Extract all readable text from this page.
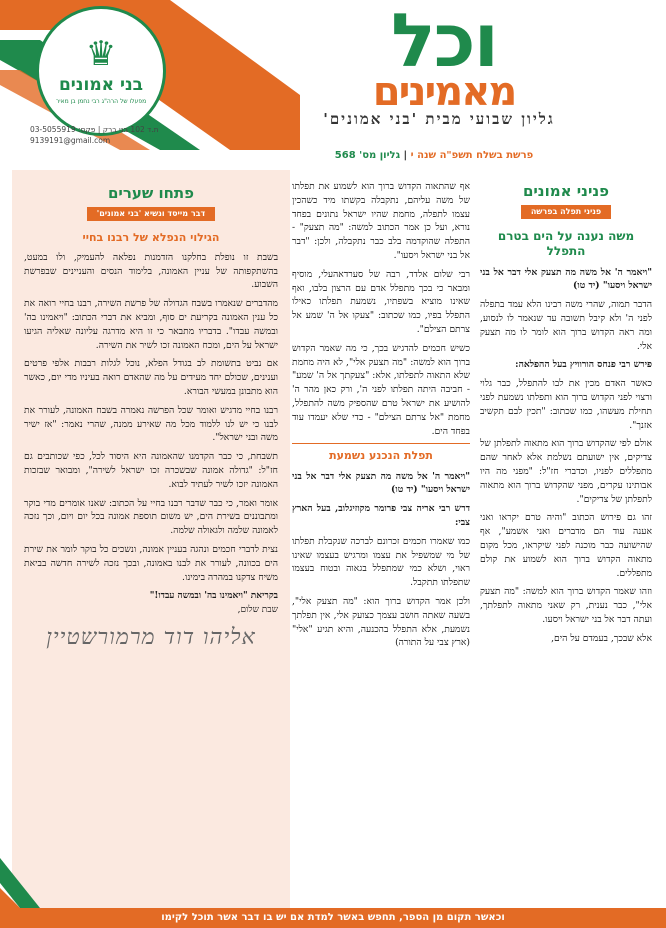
♛
בני אמונים
מפעלו של הרה"ג רבי נחמן בן מאיר
וכל
מאמינים
גליון שבועי מבית 'בני אמונים'
ת.ד 102 בני ברק | פקס: 03-5055919
9139191@gmail.com
פרשת בשלח תשפ"ה שנה י | גליון מס' 568
פניני אמונים
פניני תפלה בפרשה
משה נענה על הים בטרם התפלל

"ויאמר ה' אל משה מה תצעק אלי דבר אל בני ישראל ויסעו" (יד טו)

הדבר תמוה, שהרי משה רבינו הלא עמד בתפלה לפני ה' ולא קיבל תשובה עד שנאמר לו לנסוע, ומה ראה הקדוש ברוך הוא לומר לו מה תצעק אלי.

פירש רבי פנחס הורוויץ בעל ההפלאה:

כאשר האדם מכין את לבו להתפלל, כבר גלוי ורצוי לפני הקדוש ברוך הוא ותפלתו נשמעת לפני תחילת מעשהו, כמו שכתוב: "תכין לבם תקשיב אזנך".

אולם לפי שהקדוש ברוך הוא מתאוה לתפלתן של צדיקים, אין ישועתם נשלמת אלא לאחר שהם מתפללים לפניו, וכדברי חז"ל: "מפני מה היו אבותינו עקרים, מפני שהקדוש ברוך הוא מתאוה לתפלתן של צדיקים".

זהו גם פירוש הכתוב "והיה טרם יקראו ואני אענה עוד הם מדברים ואני אשמע", אף שהישועה כבר מוכנה לפני שיקראו, מכל מקום מתאוה הקדוש ברוך הוא לשמוע את קולם מתפללים.

וזהו שאמר הקדוש ברוך הוא למשה: "מה תצעק אלי", כבר נענית, רק שאני מתאוה לתפלתך, ועתה דבר אל בני ישראל ויסעו.

אלא שבכך, בעמדם על הים,

אף שהתאוה הקדוש ברוך הוא לשמוע את תפלתו של משה עליהם, נתקבלה בקשתו מיד כשהכין עצמו לתפלה, מחמת שהיו ישראל נתונים בפחד נורא, ועל כן אמר הכתוב למשה: "מה תצעק" - התפלה שהוקדמה בלב כבר נתקבלה, ולכן: "דבר אל בני ישראל ויסעו".

רבי שלום אלדד, רבה של סערדאהעלי, מוסיף ומבאר כי בכך מתפלל אדם עם הרצון בלבו, ואף שאינו מוציא בשפתיו, נשמעת תפלתו כאילו התפלל בפיו, כמו שכתוב: "צעקו אל ה' שמע אל צרתם הצילם".

כשיש חכמים להדגיש בכך, כי מה שאמר הקדוש ברוך הוא למשה: "מה תצעק אלי", לא היה מחמת שלא התאוה לתפלתו, אלא: "צעקתך אל ה' שמע" - חביבה היתה תפלתו לפני ה', ורק כאן מהר ה' להושיע את ישראל טרם שהספיק משה להתפלל, מחמת "אל צרתם הצילם" - כדי שלא יעמדו עוד בפחד הים.

תפלת הנכנע נשמעת

"ויאמר ה' אל משה מה תצעק אלי דבר אל בני ישראל ויסעו" (יד טו)

דרש רבי אריה צבי פרומר מקוזיגלוב, בעל הארץ צבי:

כמו שאמרו חכמים זכרונם לברכה שנקבלת תפלתו של מי שמשפיל את עצמו ומרגיש בעצמו שאינו ראוי, ושלא כמי שמתפלל בגאוה ובטוח בעצמו שתפלתו תתקבל.

ולכן אמר הקדוש ברוך הוא: "מה תצעק אלי", בשעה שאתה חושב עצמך כצועק אלי, אין תפלתך נשמעת, אלא התפלל בהכנעה, והיא תגיע "אלי" (ארץ צבי על התורה)

פתחו שערים
דבר מייסד ונשיא 'בני אמונים'
הגילוי הנפלא של רבנו בחיי

בשבת זו נופלת בחלקנו הזדמנות נפלאה להעמיק, ולו במעט, בהשתקפותה של עניין האמונה, בלימוד הנסים והעניינים שבפרשת השבוע.

מהדברים שנאמרו בשבח הגדולה של פרשת השירה, רבנו בחיי רואה את כל ענין האמונה בקריעת ים סוף, ומביא את דברי הכתוב: "ויאמינו בה' ובמשה עבדו". בדבריו מתבאר כי זו היא מדרגה עליונה שאליה הגיעו ישראל על הים, ומכח האמונה זכו לשיר את השירה.

אם נביט בתשומת לב בגודל הפלא, נוכל לגלות רבבות אלפי פרטים וענינים, שכולם יחד מעידים על מה שהאדם רואה בעיניו מדי יום, כאשר הוא מתבונן במעשי הבורא.

רבנו בחיי מדגיש ואומר שכל הפרשה נאמרה בשבח האמונה, לעורר את לבנו כי יש לנו ללמוד מכל מה שאירע ממנה, שהרי נאמר: "אז ישיר משה ובני ישראל".

תשבחת, כי כבר הקדמנו שהאמונה היא היסוד לכל, כפי שכותבים גם חז"ל: "גדולה אמונה שבשכרה זכו ישראל לשירה", ומבואר שבזכות האמונה יזכו לשיר לעתיד לבוא.

אומר ואמר, כי כבר שדבר רבנו בחיי על הכתוב: שאנו אומרים מדי בוקר ומתבוננים בשירת הים, יש משום תוספת אמונה בכל יום ויום, וכך נזכה לאמונה שלמה ולגאולה שלמה.

נצית לדברי חכמים ונהגה בעניין אמונה, ונשכים כל בוקר לומר את שירת הים בכוונה, לעורר את לבנו באמונה, ובכך נזכה לשירה חדשה בביאת משיח צדקנו במהרה בימינו.

בקריאת "ויאמינו בה' ובמשה עבדו!"
שבת שלום,
אליהו דוד מרמורשטיין
וכאשר תקום מן הספר, תחפש באשר למדת אם יש בו דבר אשר תוכל לקימו
